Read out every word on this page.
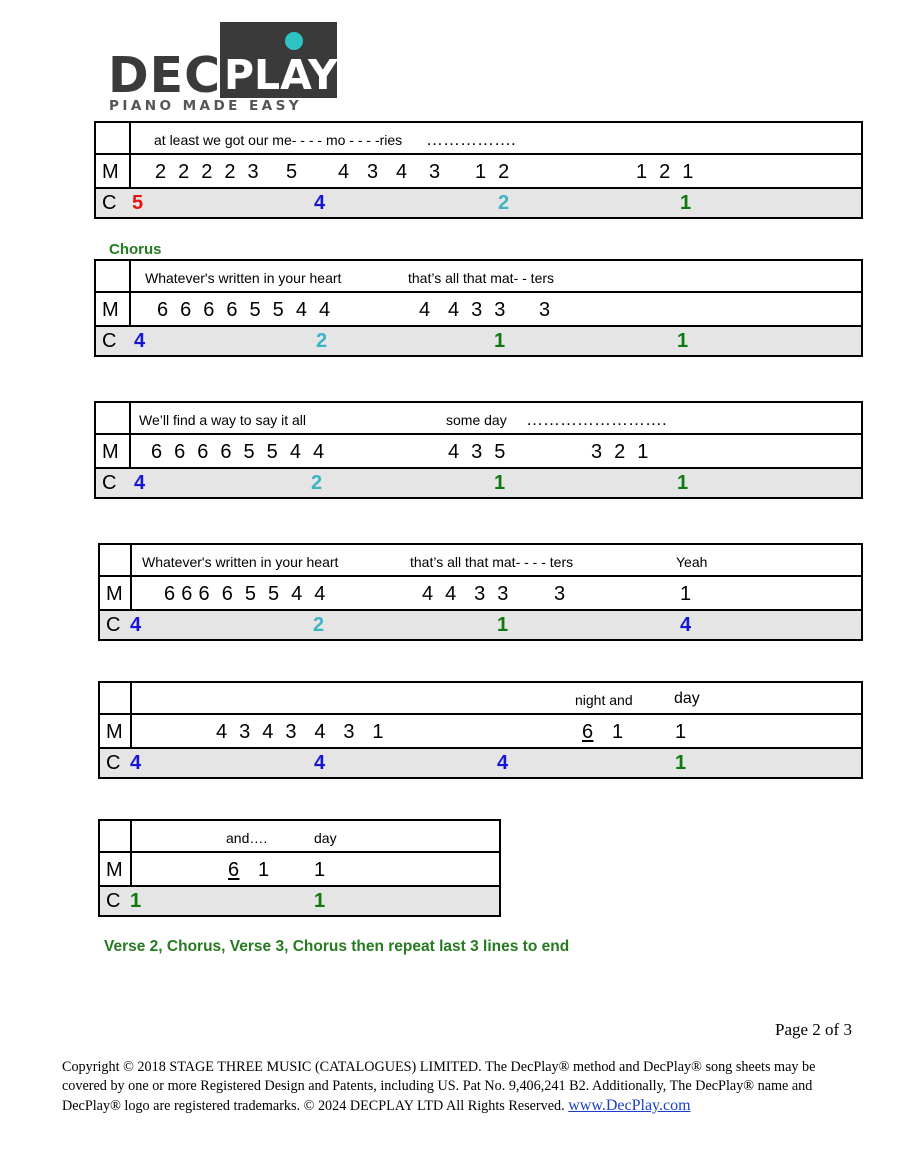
DEC PLAY
PIANO MADE EASY
at least we got our me- - - - mo - - - -ries …………….
M 2  2  2  2  3 5 4   3   4 3 1  2	1  2  1
C 5	4	2	1
Chorus
Whatever's written in your heart	that’s all that mat- - ters
M 6  6  6  6  5  5  4  4	4   4  3  3 3
C 4	2	1	1
We’ll find a way to say it all	some day …………………….
M 6  6  6  6  5  5  4  4	4  3  5	3  2  1
C 4	2	1	1
Whatever's written in your heart	that’s all that mat- - - - ters	Yeah
M 6 6 6  6  5  5  4  4	4  4   3  3 3	1
C 4	2	1	4
night and	day
M	4  3  4  3   4   3   1	6 1	1
C 4	4	4	1
and….	day
M	6 1 1
C 1	1
Verse 2, Chorus, Verse 3, Chorus then repeat last 3 lines to end
Page 2 of 3
Copyright © 2018 STAGE THREE MUSIC (CATALOGUES) LIMITED. The DecPlay® method and DecPlay® song sheets may be covered by one or more Registered Design and Patents, including US. Pat No. 9,406,241 B2. Additionally, The DecPlay® name and DecPlay® logo are registered trademarks. © 2024 DECPLAY LTD All Rights Reserved. www.DecPlay.com
